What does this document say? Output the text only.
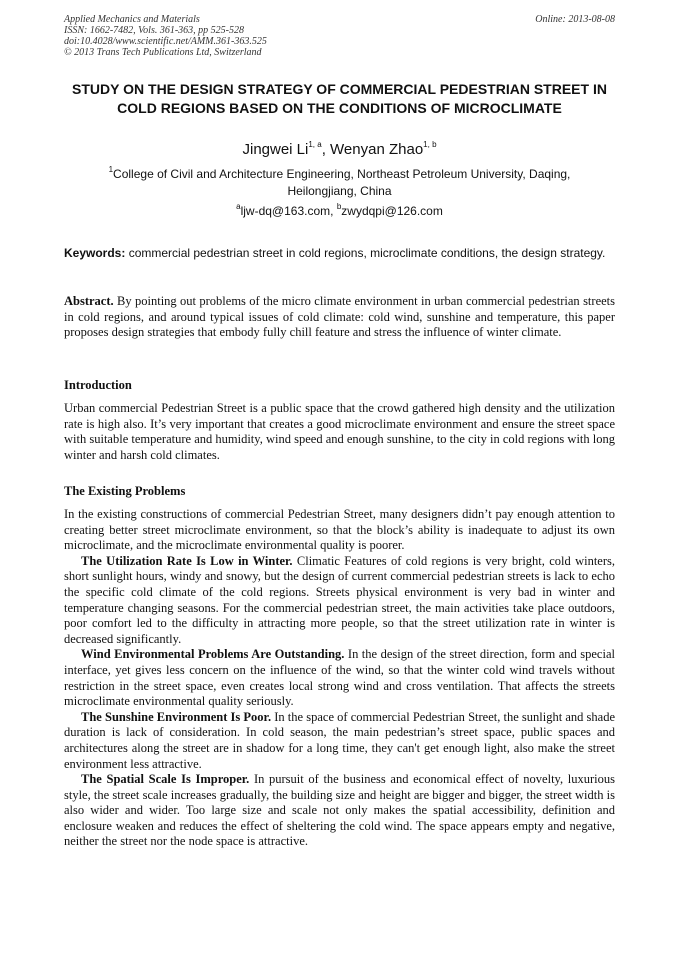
Applied Mechanics and Materials
ISSN: 1662-7482, Vols. 361-363, pp 525-528
doi:10.4028/www.scientific.net/AMM.361-363.525
© 2013 Trans Tech Publications Ltd, Switzerland
Online: 2013-08-08
STUDY ON THE DESIGN STRATEGY OF COMMERCIAL PEDESTRIAN STREET IN COLD REGIONS BASED ON THE CONDITIONS OF MICROCLIMATE
Jingwei Li$^{1, a}$, Wenyan Zhao$^{1, b}$
$^1$College of Civil and Architecture Engineering, Northeast Petroleum University, Daqing, Heilongjiang, China
$^a$ljw-dq@163.com, $^b$zwydqpi@126.com
Keywords: commercial pedestrian street in cold regions, microclimate conditions, the design strategy.

Abstract. By pointing out problems of the micro climate environment in urban commercial pedestrian streets in cold regions, and around typical issues of cold climate: cold wind, sunshine and temperature, this paper proposes design strategies that embody fully chill feature and stress the influence of winter climate.

Introduction

Urban commercial Pedestrian Street is a public space that the crowd gathered high density and the utilization rate is high also. It’s very important that creates a good microclimate environment and ensure the street space with suitable temperature and humidity, wind speed and enough sunshine, to the city in cold regions with long winter and harsh cold climates.

The Existing Problems

In the existing constructions of commercial Pedestrian Street, many designers didn’t pay enough attention to creating better street microclimate environment, so that the block’s ability is inadequate to adjust its own microclimate, and the microclimate environmental quality is poorer.

The Utilization Rate Is Low in Winter. Climatic Features of cold regions is very bright, cold winters, short sunlight hours, windy and snowy, but the design of current commercial pedestrian streets is lack to echo the specific cold climate of the cold regions. Streets physical environment is very bad in winter and temperature changing seasons. For the commercial pedestrian street, the main activities take place outdoors, poor comfort led to the difficulty in attracting more people, so that the street utilization rate in winter is decreased significantly.

Wind Environmental Problems Are Outstanding. In the design of the street direction, form and special interface, yet gives less concern on the influence of the wind, so that the winter cold wind travels without restriction in the street space, even creates local strong wind and cross ventilation. That affects the streets microclimate environmental quality seriously.

The Sunshine Environment Is Poor. In the space of commercial Pedestrian Street, the sunlight and shade duration is lack of consideration. In cold season, the main pedestrian’s street space, public spaces and architectures along the street are in shadow for a long time, they can't get enough light, also make the street environment less attractive.

The Spatial Scale Is Improper. In pursuit of the business and economical effect of novelty, luxurious style, the street scale increases gradually, the building size and height are bigger and bigger, the street width is also wider and wider. Too large size and scale not only makes the spatial accessibility, definition and enclosure weaken and reduces the effect of sheltering the cold wind. The space appears empty and negative, neither the street nor the node space is attractive.
